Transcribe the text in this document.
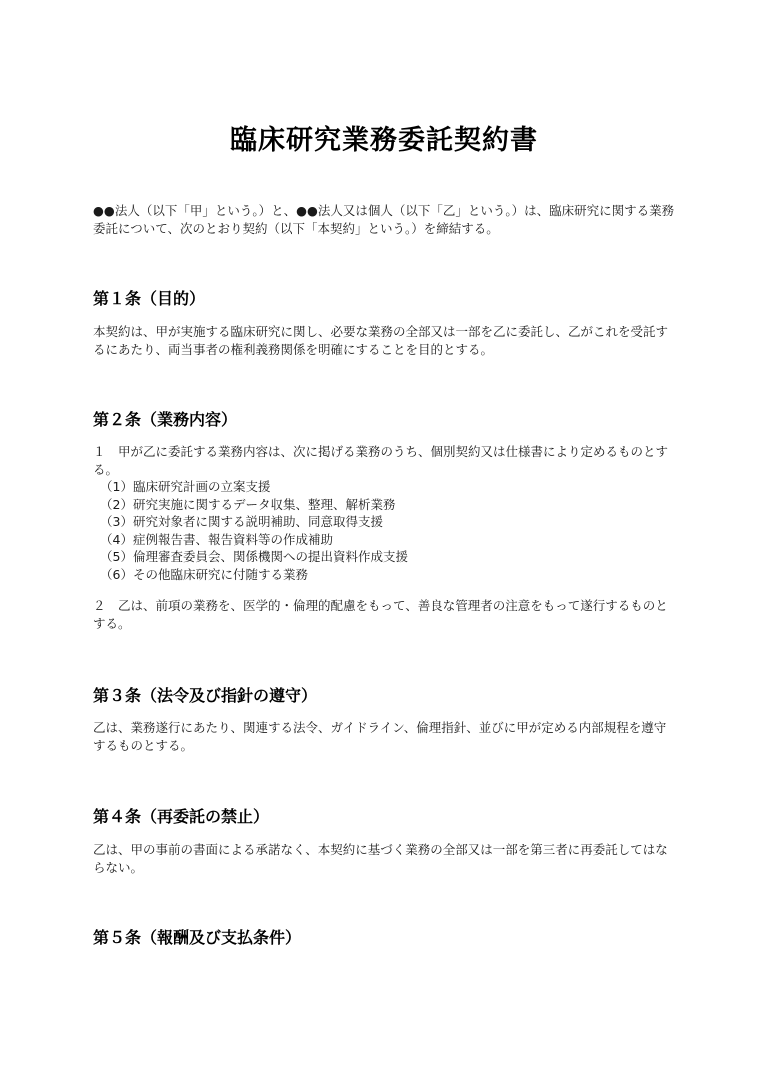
臨床研究業務委託契約書
●●法人（以下「甲」という。）と、●●法人又は個人（以下「乙」という。）は、臨床研究に関する業務委託について、次のとおり契約（以下「本契約」という。）を締結する。
第１条（目的）
本契約は、甲が実施する臨床研究に関し、必要な業務の全部又は一部を乙に委託し、乙がこれを受託するにあたり、両当事者の権利義務関係を明確にすることを目的とする。
第２条（業務内容）
１　甲が乙に委託する業務内容は、次に掲げる業務のうち、個別契約又は仕様書により定めるものとする。
（1）臨床研究計画の立案支援
（2）研究実施に関するデータ収集、整理、解析業務
（3）研究対象者に関する説明補助、同意取得支援
（4）症例報告書、報告資料等の作成補助
（5）倫理審査委員会、関係機関への提出資料作成支援
（6）その他臨床研究に付随する業務
２　乙は、前項の業務を、医学的・倫理的配慮をもって、善良な管理者の注意をもって遂行するものとする。
第３条（法令及び指針の遵守）
乙は、業務遂行にあたり、関連する法令、ガイドライン、倫理指針、並びに甲が定める内部規程を遵守するものとする。
第４条（再委託の禁止）
乙は、甲の事前の書面による承諾なく、本契約に基づく業務の全部又は一部を第三者に再委託してはならない。
第５条（報酬及び支払条件）
